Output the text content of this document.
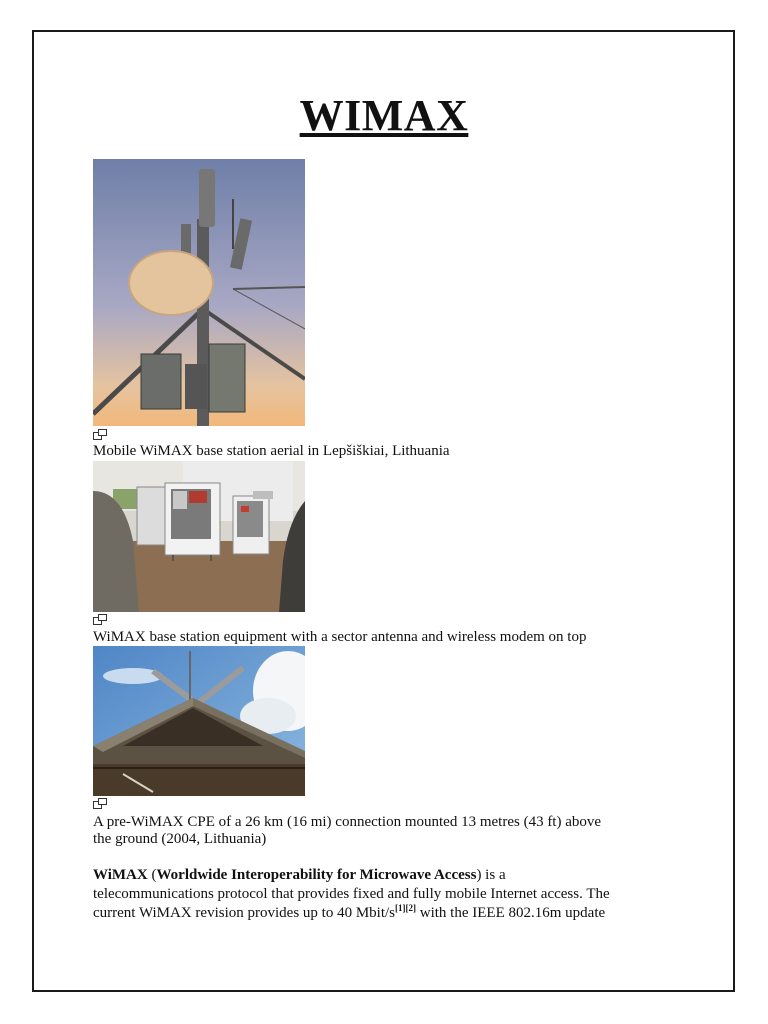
WIMAX

Mobile WiMAX base station aerial in Lepšiškiai, Lithuania

WiMAX base station equipment with a sector antenna and wireless modem on top

A pre-WiMAX CPE of a 26 km (16 mi) connection mounted 13 metres (43 ft) above
the ground (2004, Lithuania)

WiMAX (Worldwide Interoperability for Microwave Access) is a
telecommunications protocol that provides fixed and fully mobile Internet access. The
current WiMAX revision provides up to 40 Mbit/s[1][2] with the IEEE 802.16m update
